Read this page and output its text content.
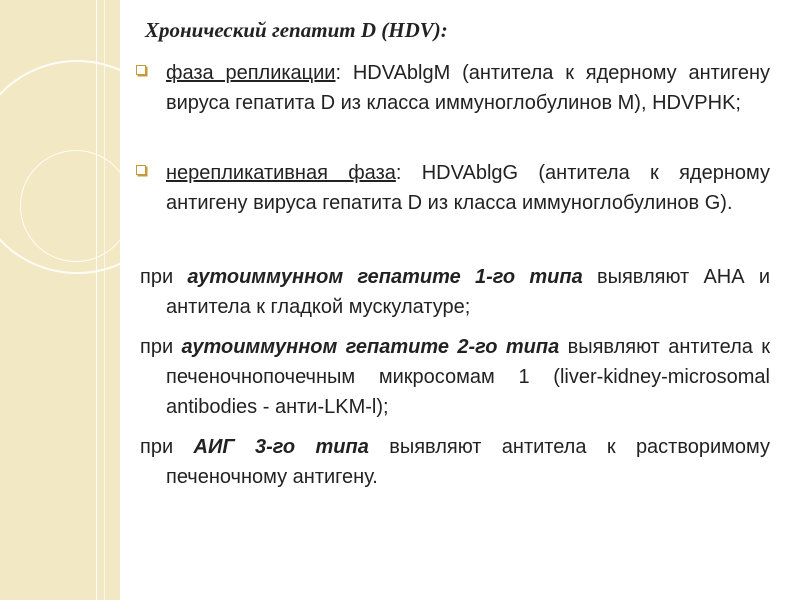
Хронический гепатит D (HDV):
фаза репликации: HDVAblgM (антитела к ядерному антигену вируса гепатита D из класса иммуноглобулинов М), HDVPHK;
нерепликативная фаза: HDVAblgG (антитела к ядерному антигену вируса гепатита D из класса иммуноглобулинов G).
при аутоиммунном гепатите 1-го типа выявляют АНА и антитела к гладкой мускулатуре;
при аутоиммунном гепатите 2-го типа выявляют антитела к печеночнопочечным микросомам 1 (liver-kidney-microsomal antibodies - анти-LKM-l);
при АИГ 3-го типа выявляют антитела к растворимому печеночному антигену.
